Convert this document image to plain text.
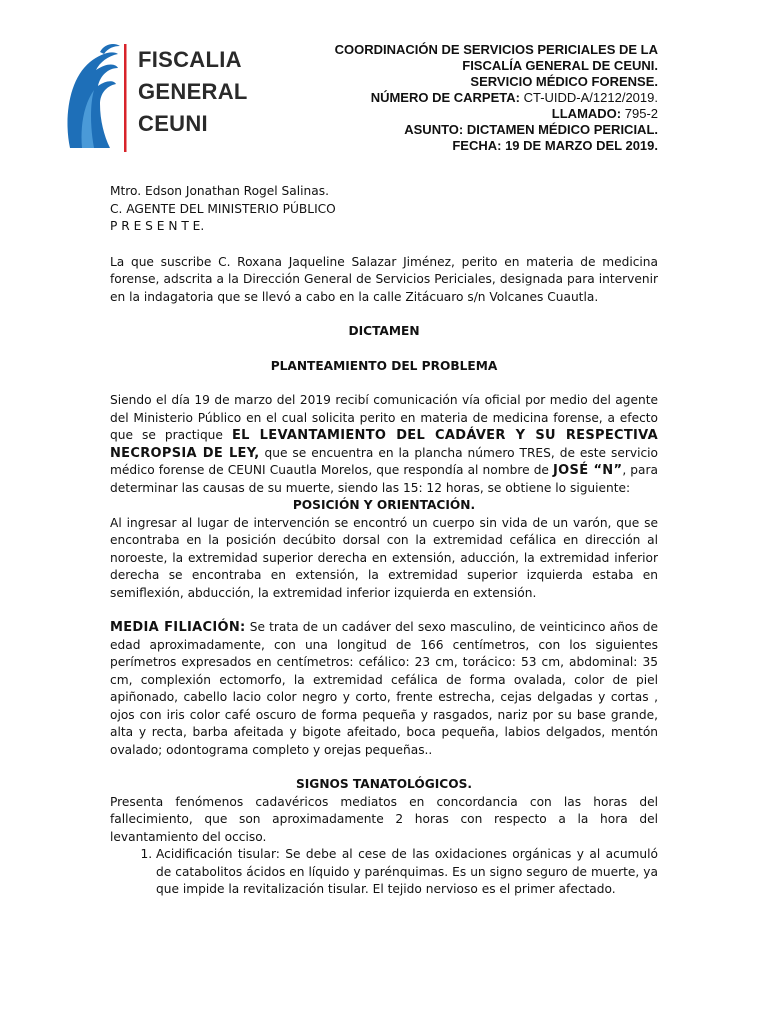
FISCALIA
GENERAL
CEUNI
COORDINACIÓN DE SERVICIOS PERICIALES DE LA
FISCALÍA GENERAL DE CEUNI.
SERVICIO MÉDICO FORENSE.
NÚMERO DE CARPETA: CT-UIDD-A/1212/2019.
LLAMADO: 795-2
ASUNTO: DICTAMEN MÉDICO PERICIAL.
FECHA: 19 DE MARZO DEL 2019.
Mtro. Edson Jonathan Rogel Salinas.
C. AGENTE DEL MINISTERIO PÚBLICO
P R E S E N T E.

La que suscribe C. Roxana Jaqueline Salazar Jiménez, perito en materia de medicina forense, adscrita a la Dirección General de Servicios Periciales, designada para intervenir en la indagatoria que se llevó a cabo en la calle Zitácuaro s/n Volcanes Cuautla.

DICTAMEN

PLANTEAMIENTO DEL PROBLEMA

Siendo el día 19 de marzo del 2019 recibí comunicación vía oficial por medio del agente del Ministerio Público en el cual solicita perito en materia de medicina forense, a efecto que se practique EL LEVANTAMIENTO DEL CADÁVER Y SU RESPECTIVA NECROPSIA DE LEY, que se encuentra en la plancha número TRES, de este servicio médico forense de CEUNI Cuautla Morelos, que respondía al nombre de JOSÉ “N”, para determinar las causas de su muerte, siendo las 15: 12 horas, se obtiene lo siguiente:

POSICIÓN Y ORIENTACIÓN.

Al ingresar al lugar de intervención se encontró un cuerpo sin vida de un varón, que se encontraba en la posición decúbito dorsal con la extremidad cefálica en dirección al noroeste, la extremidad superior derecha en extensión, aducción, la extremidad inferior derecha se encontraba en extensión, la extremidad superior izquierda estaba en semiflexión, abducción, la extremidad inferior izquierda en extensión.

MEDIA FILIACIÓN: Se trata de un cadáver del sexo masculino, de veinticinco años de edad aproximadamente, con una longitud de 166 centímetros, con los siguientes perímetros expresados en centímetros: cefálico: 23 cm, torácico: 53 cm, abdominal: 35 cm, complexión ectomorfo, la extremidad cefálica de forma ovalada, color de piel apiñonado, cabello lacio color negro y corto, frente estrecha, cejas delgadas y cortas , ojos con iris color café oscuro de forma pequeña y rasgados, nariz por su base grande, alta y recta, barba afeitada y bigote afeitado, boca pequeña, labios delgados, mentón ovalado; odontograma completo y orejas pequeñas..

SIGNOS TANATOLÓGICOS.

Presenta fenómenos cadavéricos mediatos en concordancia con las horas del fallecimiento, que son aproximadamente 2 horas con respecto a la hora del levantamiento del occiso.

1. Acidificación tisular: Se debe al cese de las oxidaciones orgánicas y al acumuló de catabolitos ácidos en líquido y parénquimas. Es un signo seguro de muerte, ya que impide la revitalización tisular. El tejido nervioso es el primer afectado.
